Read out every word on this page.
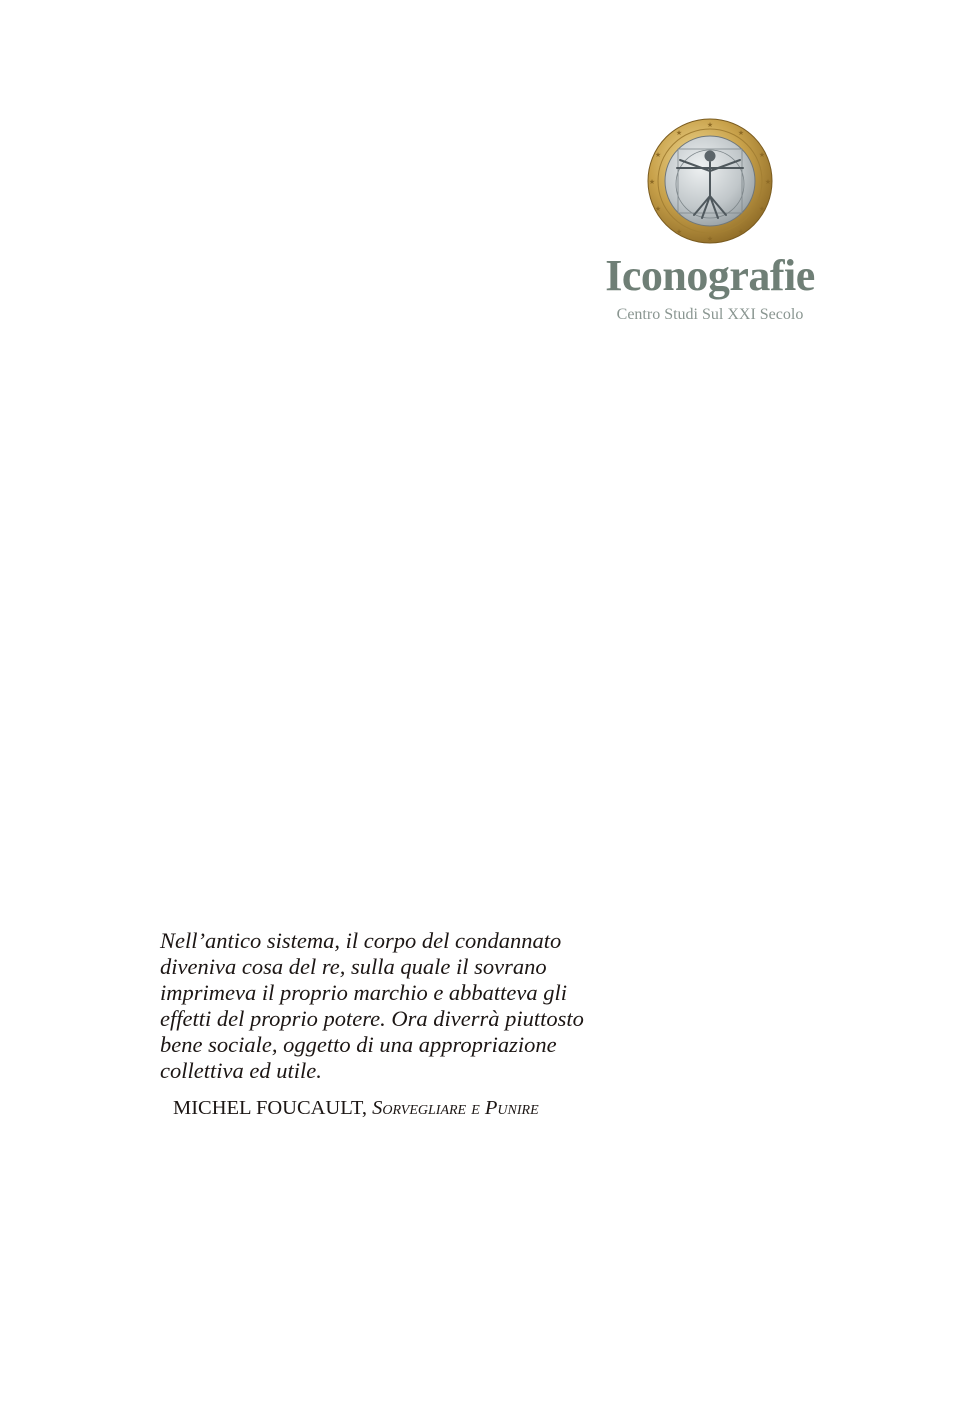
★
★
★
★
★
★
★
★
★
★
★
★
Iconografie
Centro Studi Sul XXI Secolo

Nell’antico sistema, il corpo del condannato
diveniva cosa del re, sulla quale il sovrano
imprimeva il proprio marchio e abbatteva gli
effetti del proprio potere. Ora diverrà piuttosto
bene sociale, oggetto di una appropriazione
collettiva ed utile.

MICHEL FOUCAULT, Sorvegliare e Punire
